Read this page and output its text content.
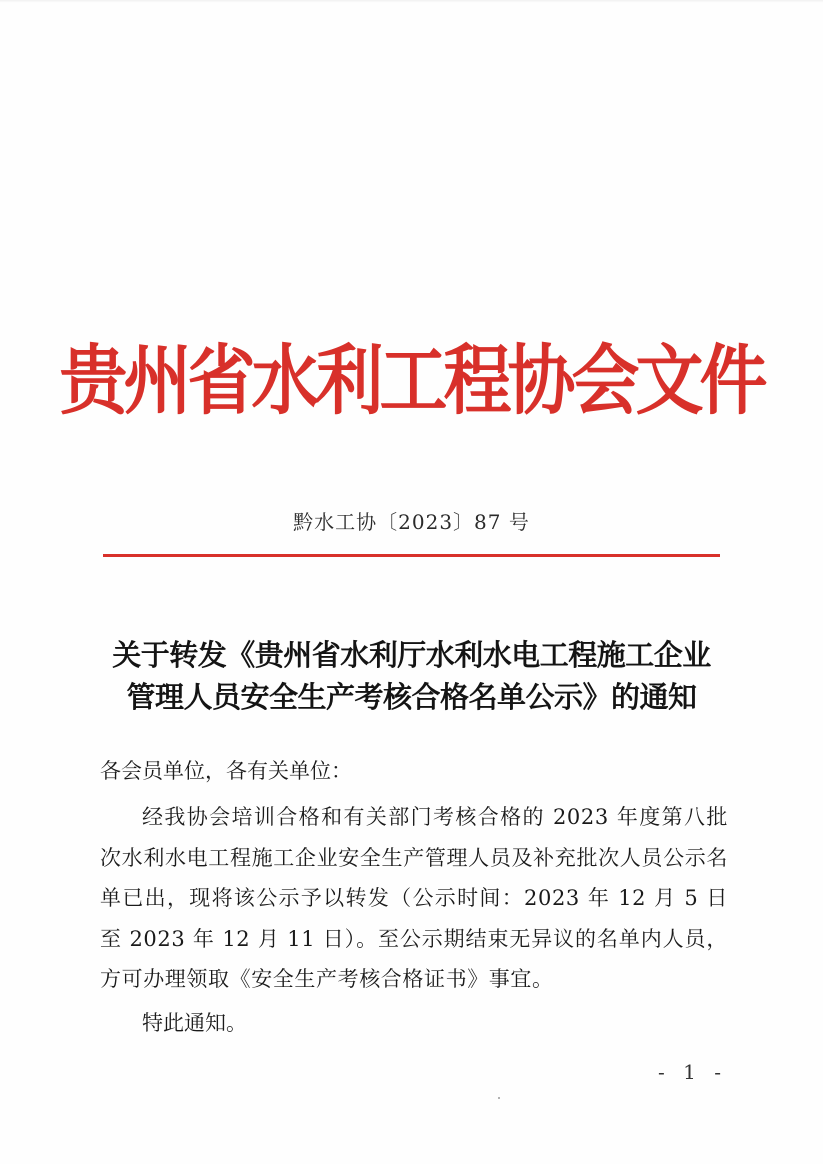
贵州省水利工程协会文件
黔水工协〔2023〕87 号
关于转发《贵州省水利厅水利水电工程施工企业
管理人员安全生产考核合格名单公示》的通知
各会员单位，各有关单位：
经我协会培训合格和有关部门考核合格的 2023 年度第八批次水利水电工程施工企业安全生产管理人员及补充批次人员公示名单已出，现将该公示予以转发（公示时间：2023 年 12 月 5 日至 2023 年 12 月 11 日）。至公示期结束无异议的名单内人员，方可办理领取《安全生产考核合格证书》事宜。
特此通知。
- 1 -
